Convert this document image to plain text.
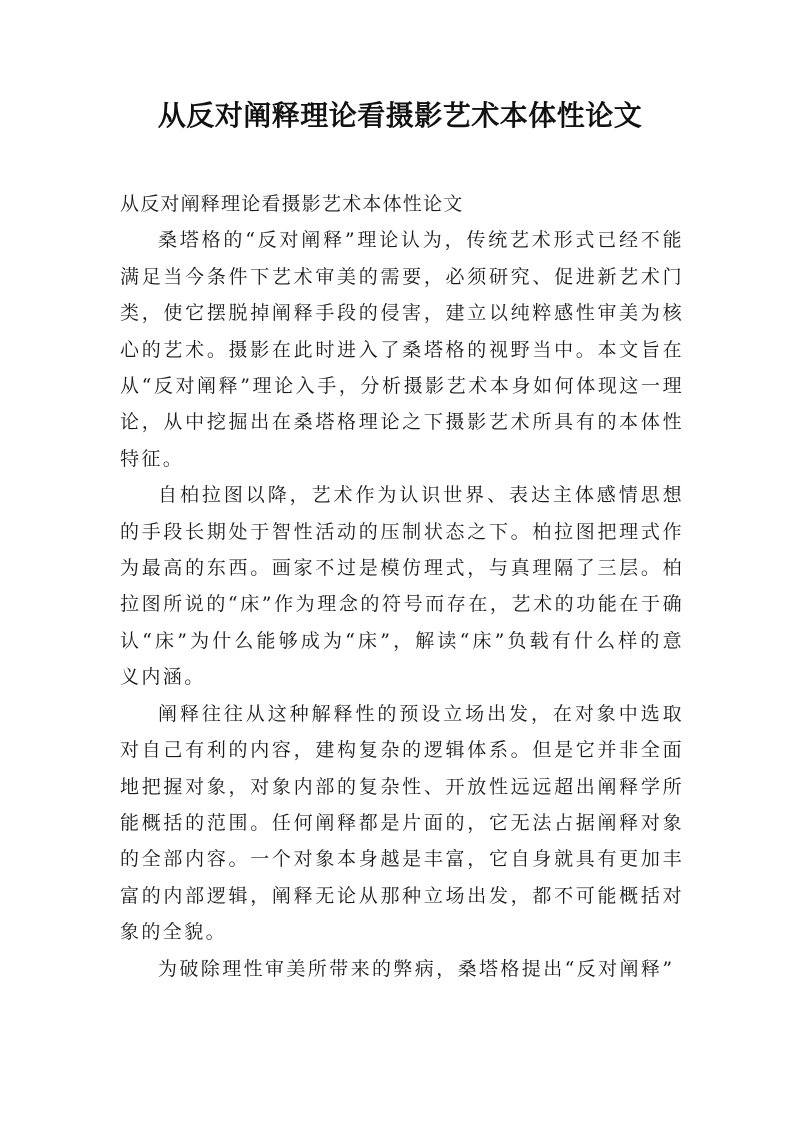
从反对阐释理论看摄影艺术本体性论文

从反对阐释理论看摄影艺术本体性论文

桑塔格的“反对阐释”理论认为，传统艺术形式已经不能满足当今条件下艺术审美的需要，必须研究、促进新艺术门类，使它摆脱掉阐释手段的侵害，建立以纯粹感性审美为核心的艺术。摄影在此时进入了桑塔格的视野当中。本文旨在从“反对阐释”理论入手，分析摄影艺术本身如何体现这一理论，从中挖掘出在桑塔格理论之下摄影艺术所具有的本体性特征。

自柏拉图以降，艺术作为认识世界、表达主体感情思想的手段长期处于智性活动的压制状态之下。柏拉图把理式作为最高的东西。画家不过是模仿理式，与真理隔了三层。柏拉图所说的“床”作为理念的符号而存在，艺术的功能在于确认“床”为什么能够成为“床”，解读“床”负载有什么样的意义内涵。

阐释往往从这种解释性的预设立场出发，在对象中选取对自己有利的内容，建构复杂的逻辑体系。但是它并非全面地把握对象，对象内部的复杂性、开放性远远超出阐释学所能概括的范围。任何阐释都是片面的，它无法占据阐释对象的全部内容。一个对象本身越是丰富，它自身就具有更加丰富的内部逻辑，阐释无论从那种立场出发，都不可能概括对象的全貌。

为破除理性审美所带来的弊病，桑塔格提出“反对阐释”
